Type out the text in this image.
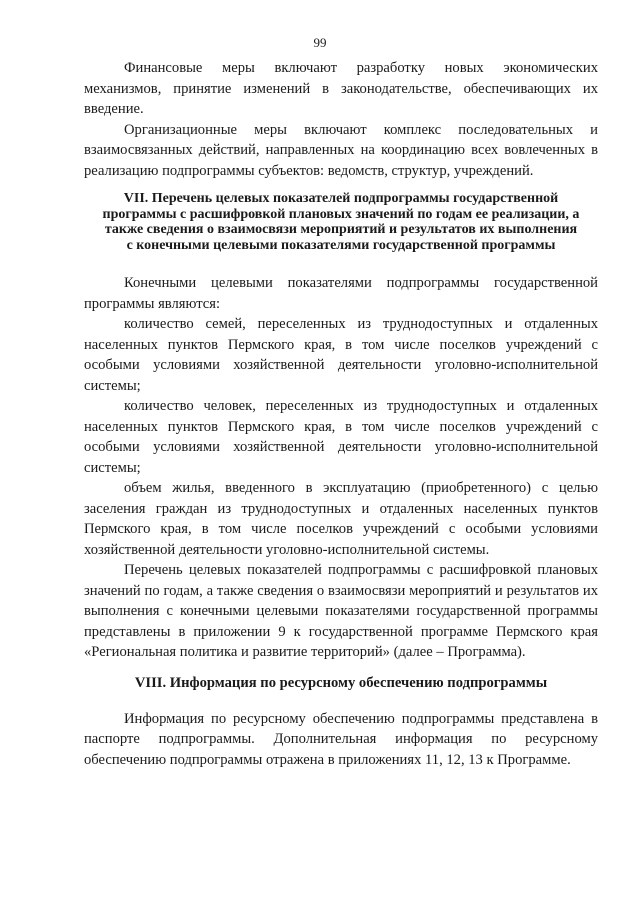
99

Финансовые меры включают разработку новых экономических механизмов, принятие изменений в законодательстве, обеспечивающих их введение.

Организационные меры включают комплекс последовательных и взаимосвязанных действий, направленных на координацию всех вовлеченных в реализацию подпрограммы субъектов: ведомств, структур, учреждений.

VII. Перечень целевых показателей подпрограммы государственной программы с расшифровкой плановых значений по годам ее реализации, а также сведения о взаимосвязи мероприятий и результатов их выполнения с конечными целевыми показателями государственной программы

Конечными целевыми показателями подпрограммы государственной программы являются:

количество семей, переселенных из труднодоступных и отдаленных населенных пунктов Пермского края, в том числе поселков учреждений с особыми условиями хозяйственной деятельности уголовно-исполнительной системы;

количество человек, переселенных из труднодоступных и отдаленных населенных пунктов Пермского края, в том числе поселков учреждений с особыми условиями хозяйственной деятельности уголовно-исполнительной системы;

объем жилья, введенного в эксплуатацию (приобретенного) с целью заселения граждан из труднодоступных и отдаленных населенных пунктов Пермского края, в том числе поселков учреждений с особыми условиями хозяйственной деятельности уголовно-исполнительной системы.

Перечень целевых показателей подпрограммы с расшифровкой плановых значений по годам, а также сведения о взаимосвязи мероприятий и результатов их выполнения с конечными целевыми показателями государственной программы представлены в приложении 9 к государственной программе Пермского края «Региональная политика и развитие территорий» (далее – Программа).

VIII. Информация по ресурсному обеспечению подпрограммы

Информация по ресурсному обеспечению подпрограммы представлена в паспорте подпрограммы. Дополнительная информация по ресурсному обеспечению подпрограммы отражена в приложениях 11, 12, 13 к Программе.
